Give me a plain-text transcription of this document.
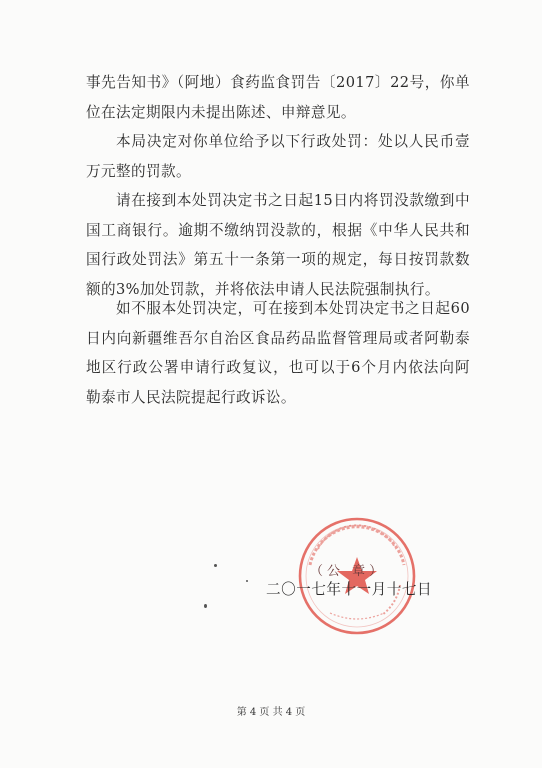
事先告知书》（阿地）食药监食罚告〔2017〕22号，你单位在法定期限内未提出陈述、申辩意见。

本局决定对你单位给予以下行政处罚：处以人民币壹万元整的罚款。

请在接到本处罚决定书之日起15日内将罚没款缴到中国工商银行。逾期不缴纳罚没款的，根据《中华人民共和国行政处罚法》第五十一条第一项的规定，每日按罚款数额的3%加处罚款，并将依法申请人民法院强制执行。

如不服本处罚决定，可在接到本处罚决定书之日起60日内向新疆维吾尔自治区食品药品监督管理局或者阿勒泰地区行政公署申请行政复议，也可以于6个月内依法向阿勒泰市人民法院提起行政诉讼。

（公 章）
二〇一七年十一月十七日
第 4 页 共 4 页
